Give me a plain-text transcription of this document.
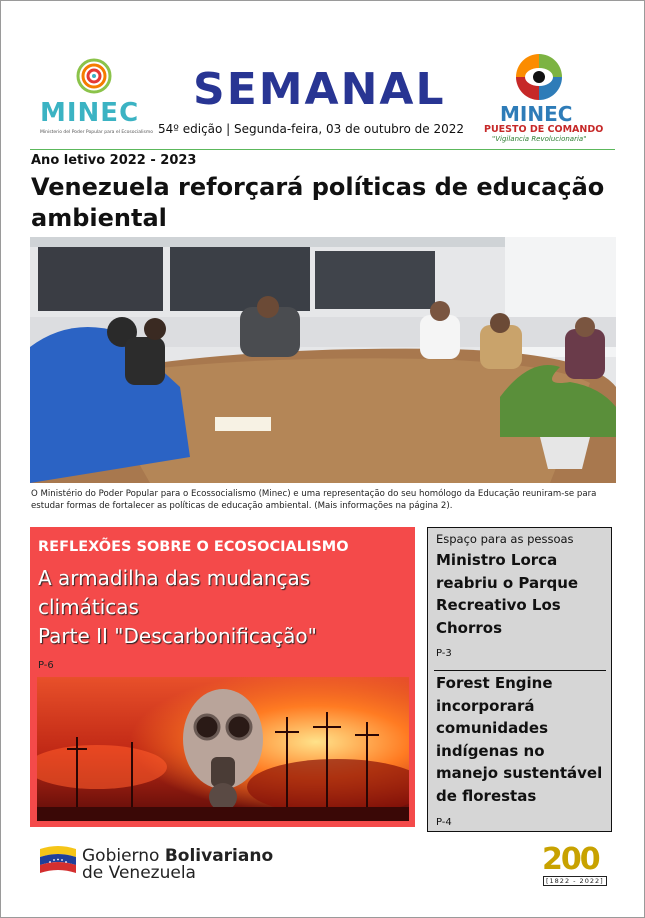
MINEC
Ministerio del Poder Popular para el Ecosocialismo
SEMANAL
54º edição | Segunda-feira, 03 de outubro de 2022
MINEC
PUESTO DE COMANDO
"Vigilancia Revolucionaria"
Ano letivo 2022 - 2023
Venezuela reforçará políticas de educação ambiental
O Ministério do Poder Popular para o Ecossocialismo (Minec) e uma representação do seu homólogo da Educação reuniram-se para estudar formas de fortalecer as políticas de educação ambiental. (Mais informações na página 2).
REFLEXÕES SOBRE O ECOSOCIALISMO
A armadilha das mudanças
climáticas
Parte II "Descarbonificação"
P-6
Espaço para as pessoas
Ministro Lorca reabriu o Parque Recreativo Los Chorros
P-3
Forest Engine incorporará comunidades indígenas no manejo sustentável de florestas
P-4
Gobierno Bolivariano
de Venezuela	200
[1822 - 2022]
